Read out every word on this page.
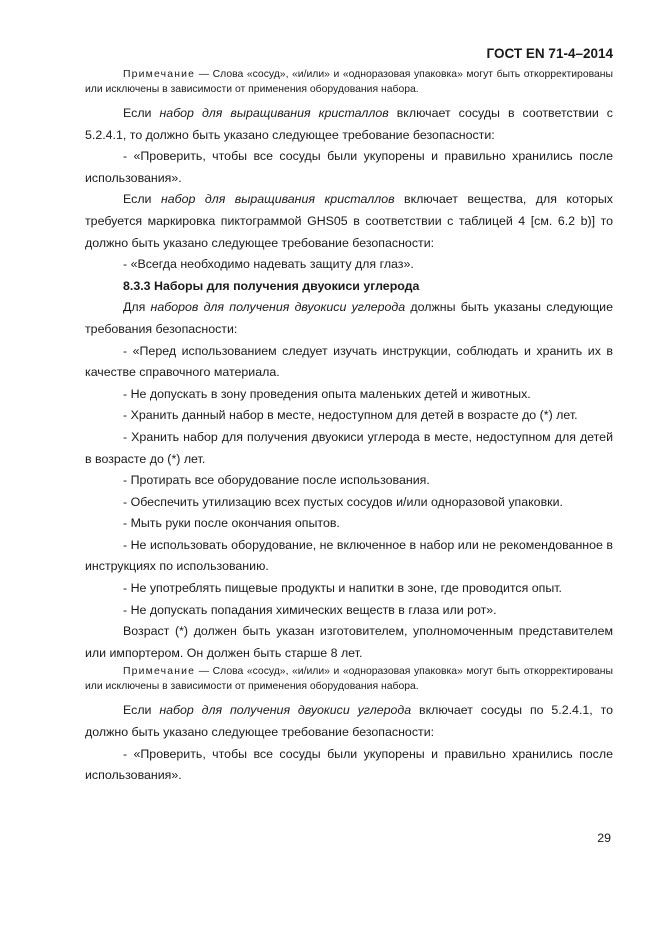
ГОСТ EN 71-4–2014
Примечание — Слова «сосуд», «и/или» и «одноразовая упаковка» могут быть откорректированы или исключены в зависимости от применения оборудования набора.
Если набор для выращивания кристаллов включает сосуды в соответствии с 5.2.4.1, то должно быть указано следующее требование безопасности:
- «Проверить, чтобы все сосуды были укупорены и правильно хранились после использования».
Если набор для выращивания кристаллов включает вещества, для которых требуется маркировка пиктограммой GHS05 в соответствии с таблицей 4 [см. 6.2 b)] то должно быть указано следующее требование безопасности:
- «Всегда необходимо надевать защиту для глаз».
8.3.3 Наборы для получения двуокиси углерода
Для наборов для получения двуокиси углерода должны быть указаны следующие требования безопасности:
- «Перед использованием следует изучать инструкции, соблюдать и хранить их в качестве справочного материала.
- Не допускать в зону проведения опыта маленьких детей и животных.
- Хранить данный набор в месте, недоступном для детей в возрасте до (*) лет.
- Хранить набор для получения двуокиси углерода в месте, недоступном для детей в возрасте до (*) лет.
- Протирать все оборудование после использования.
- Обеспечить утилизацию всех пустых сосудов и/или одноразовой упаковки.
- Мыть руки после окончания опытов.
- Не использовать оборудование, не включенное в набор или не рекомендованное в инструкциях по использованию.
- Не употреблять пищевые продукты и напитки в зоне, где проводится опыт.
- Не допускать попадания химических веществ в глаза или рот».
Возраст (*) должен быть указан изготовителем, уполномоченным представителем или импортером. Он должен быть старше 8 лет.
Примечание — Слова «сосуд», «и/или» и «одноразовая упаковка» могут быть откорректированы или исключены в зависимости от применения оборудования набора.
Если набор для получения двуокиси углерода включает сосуды по 5.2.4.1, то должно быть указано следующее требование безопасности:
- «Проверить, чтобы все сосуды были укупорены и правильно хранились после использования».
29
